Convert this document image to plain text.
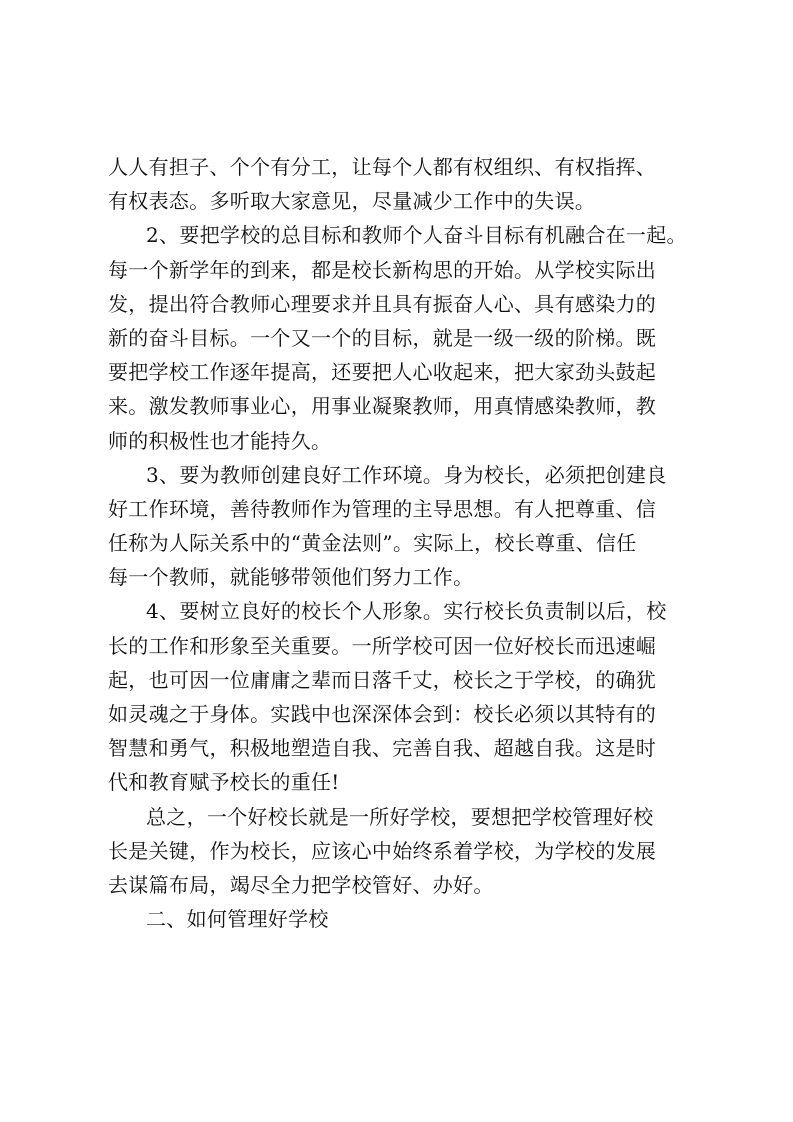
人人有担子、个个有分工，让每个人都有权组织、有权指挥、
有权表态。多听取大家意见，尽量减少工作中的失误。
2、要把学校的总目标和教师个人奋斗目标有机融合在一起。
每一个新学年的到来，都是校长新构思的开始。从学校实际出
发，提出符合教师心理要求并且具有振奋人心、具有感染力的
新的奋斗目标。一个又一个的目标，就是一级一级的阶梯。既
要把学校工作逐年提高，还要把人心收起来，把大家劲头鼓起
来。激发教师事业心，用事业凝聚教师，用真情感染教师，教
师的积极性也才能持久。
3、要为教师创建良好工作环境。身为校长，必须把创建良
好工作环境，善待教师作为管理的主导思想。有人把尊重、信
任称为人际关系中的“黄金法则”。实际上，校长尊重、信任
每一个教师，就能够带领他们努力工作。
4、要树立良好的校长个人形象。实行校长负责制以后，校
长的工作和形象至关重要。一所学校可因一位好校长而迅速崛
起，也可因一位庸庸之辈而日落千丈，校长之于学校，的确犹
如灵魂之于身体。实践中也深深体会到：校长必须以其特有的
智慧和勇气，积极地塑造自我、完善自我、超越自我。这是时
代和教育赋予校长的重任!
总之，一个好校长就是一所好学校，要想把学校管理好校
长是关键，作为校长，应该心中始终系着学校，为学校的发展
去谋篇布局，竭尽全力把学校管好、办好。
二、如何管理好学校
